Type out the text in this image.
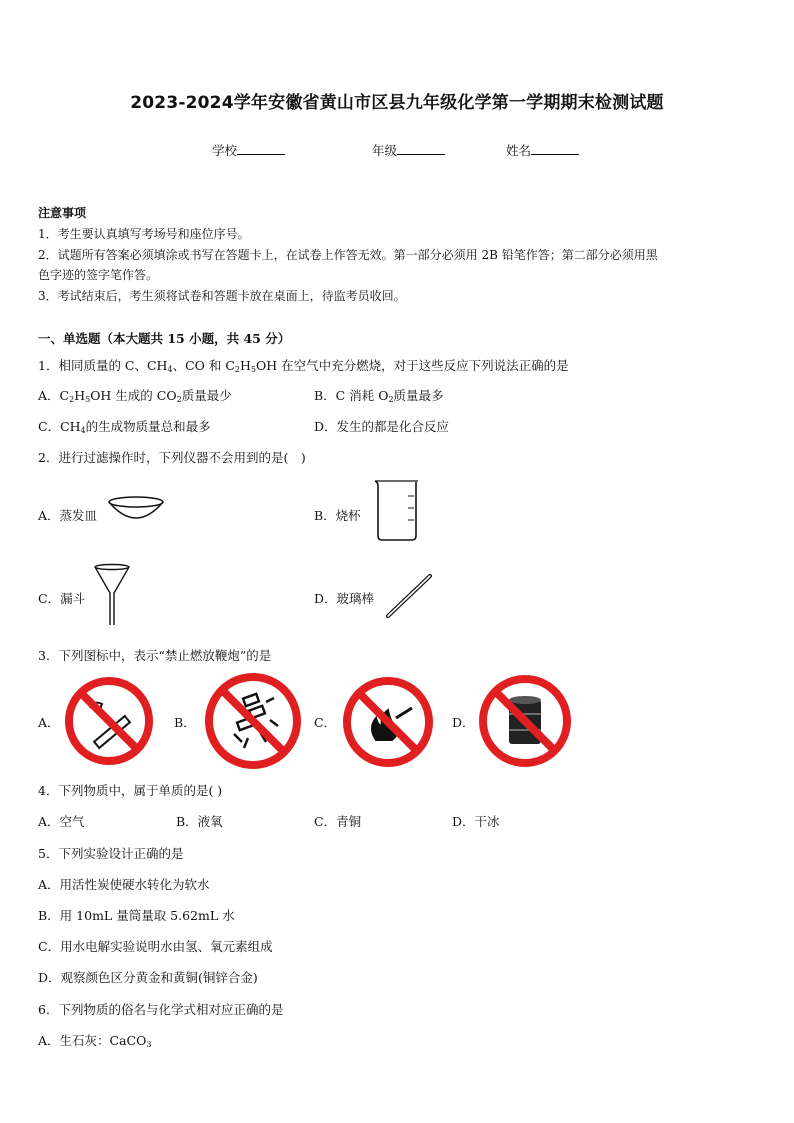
2023-2024学年安徽省黄山市区县九年级化学第一学期期末检测试题
学校	年级	姓名
注意事项
1．考生要认真填写考场号和座位序号。
2．试题所有答案必须填涂或书写在答题卡上，在试卷上作答无效。第一部分必须用 2B 铅笔作答；第二部分必须用黑
色字迹的签字笔作答。
3．考试结束后，考生须将试卷和答题卡放在桌面上，待监考员收回。
一、单选题（本大题共 15 小题，共 45 分）
1．相同质量的 C、$CH_4$、CO 和 $C_2H_5OH$ 在空气中充分燃烧，对于这些反应下列说法正确的是
A．$C_2H_5OH$ 生成的 $CO_2$质量最少	B．C 消耗 $O_2$质量最多
C．$CH_4$的生成物质量总和最多	D．发生的都是化合反应
2．进行过滤操作时，下列仪器不会用到的是(　)
A．蒸发皿	B．烧杯
C．漏斗	D．玻璃棒
3．下列图标中，表示“禁止燃放鞭炮”的是
A．	B．	C．	D．
4．下列物质中，属于单质的是( )
A．空气	B．液氧	C．青铜	D．干冰
5．下列实验设计正确的是
A．用活性炭使硬水转化为软水
B．用 10mL 量筒量取 5.62mL 水
C．用水电解实验说明水由氢、氧元素组成
D．观察颜色区分黄金和黄铜(铜锌合金)
6．下列物质的俗名与化学式相对应正确的是
A．生石灰：CaCO$_3$
